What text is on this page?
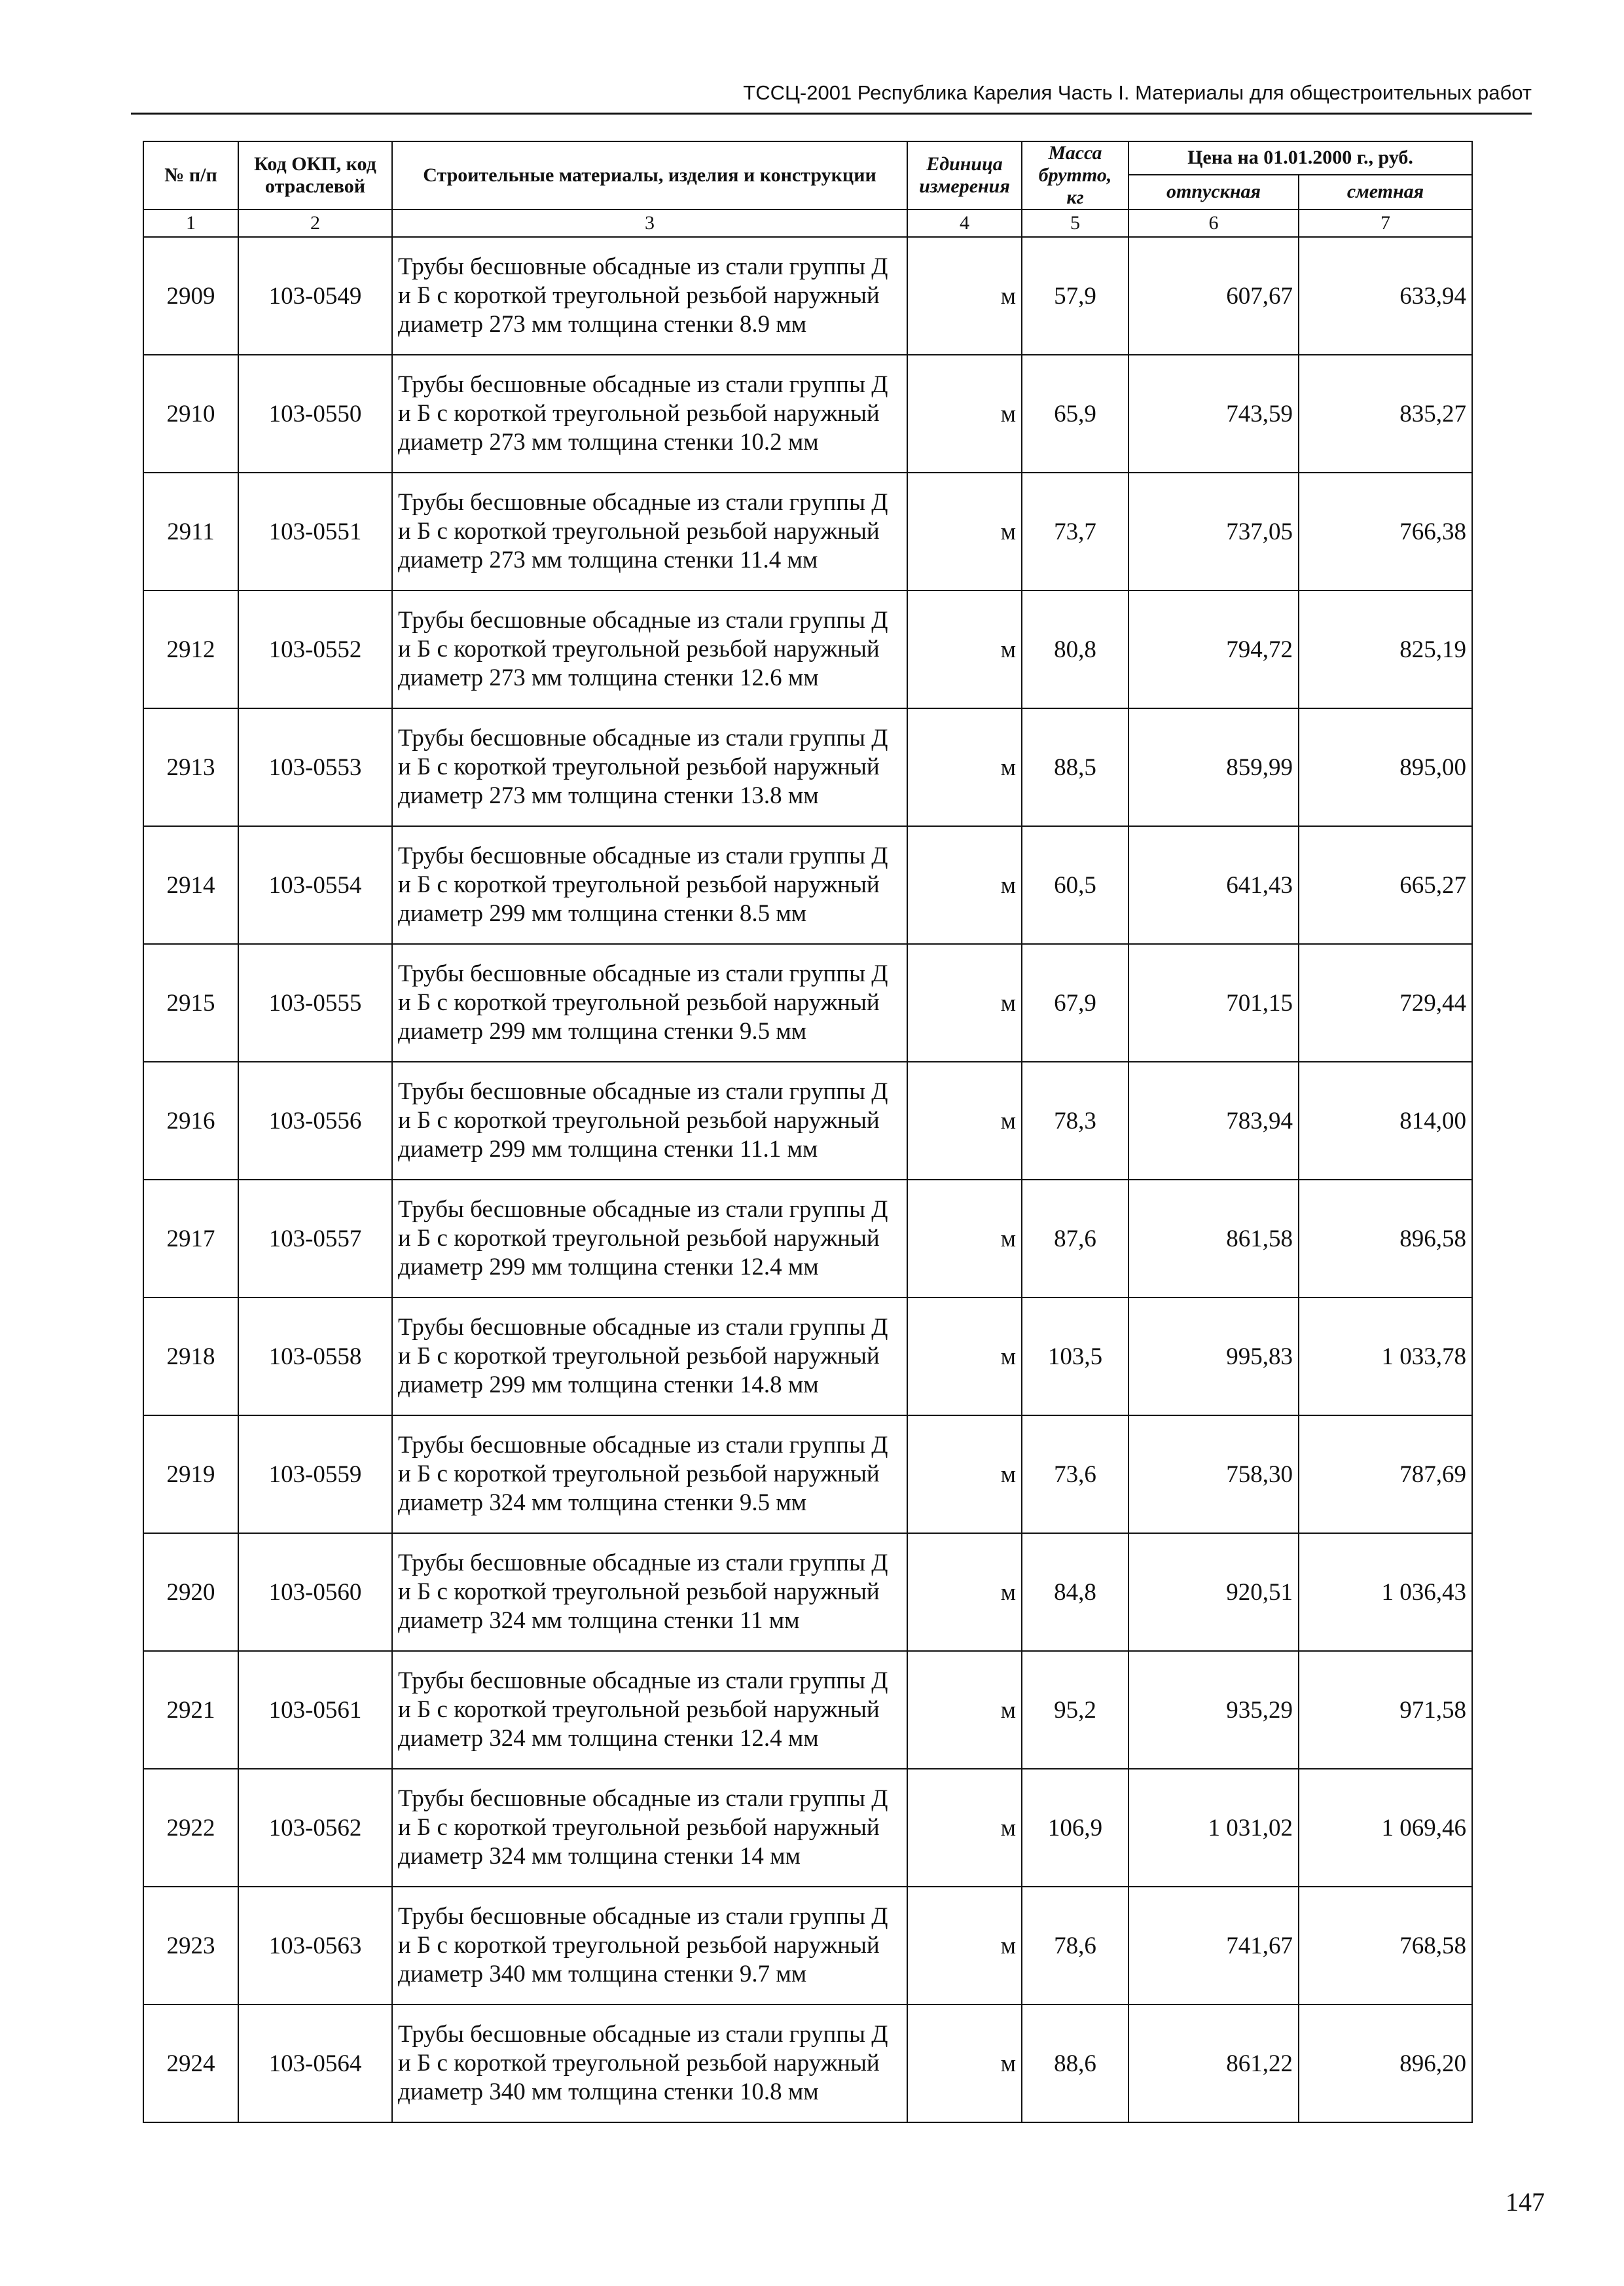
ТССЦ-2001 Республика Карелия Часть I. Материалы для общестроительных работ
№ п/п	Код ОКП, код отраслевой	Строительные материалы, изделия и конструкции	Единица измерения	Масса брутто, кг	Цена на 01.01.2000 г., руб.	
					отпускная	сметная
1	2	3	4	5	6	7
2909	103-0549	Трубы бесшовные обсадные из стали группы Д и Б с короткой треугольной резьбой наружный диаметр 273 мм толщина стенки 8.9 мм	м	57,9	607,67	633,94
2910	103-0550	Трубы бесшовные обсадные из стали группы Д и Б с короткой треугольной резьбой наружный диаметр 273 мм толщина стенки 10.2 мм	м	65,9	743,59	835,27
2911	103-0551	Трубы бесшовные обсадные из стали группы Д и Б с короткой треугольной резьбой наружный диаметр 273 мм толщина стенки 11.4 мм	м	73,7	737,05	766,38
2912	103-0552	Трубы бесшовные обсадные из стали группы Д и Б с короткой треугольной резьбой наружный диаметр 273 мм толщина стенки 12.6 мм	м	80,8	794,72	825,19
2913	103-0553	Трубы бесшовные обсадные из стали группы Д и Б с короткой треугольной резьбой наружный диаметр 273 мм толщина стенки 13.8 мм	м	88,5	859,99	895,00
2914	103-0554	Трубы бесшовные обсадные из стали группы Д и Б с короткой треугольной резьбой наружный диаметр 299 мм толщина стенки 8.5 мм	м	60,5	641,43	665,27
2915	103-0555	Трубы бесшовные обсадные из стали группы Д и Б с короткой треугольной резьбой наружный диаметр 299 мм толщина стенки 9.5 мм	м	67,9	701,15	729,44
2916	103-0556	Трубы бесшовные обсадные из стали группы Д и Б с короткой треугольной резьбой наружный диаметр 299 мм толщина стенки 11.1 мм	м	78,3	783,94	814,00
2917	103-0557	Трубы бесшовные обсадные из стали группы Д и Б с короткой треугольной резьбой наружный диаметр 299 мм толщина стенки 12.4 мм	м	87,6	861,58	896,58
2918	103-0558	Трубы бесшовные обсадные из стали группы Д и Б с короткой треугольной резьбой наружный диаметр 299 мм толщина стенки 14.8 мм	м	103,5	995,83	1 033,78
2919	103-0559	Трубы бесшовные обсадные из стали группы Д и Б с короткой треугольной резьбой наружный диаметр 324 мм толщина стенки 9.5 мм	м	73,6	758,30	787,69
2920	103-0560	Трубы бесшовные обсадные из стали группы Д и Б с короткой треугольной резьбой наружный диаметр 324 мм толщина стенки 11 мм	м	84,8	920,51	1 036,43
2921	103-0561	Трубы бесшовные обсадные из стали группы Д и Б с короткой треугольной резьбой наружный диаметр 324 мм толщина стенки 12.4 мм	м	95,2	935,29	971,58
2922	103-0562	Трубы бесшовные обсадные из стали группы Д и Б с короткой треугольной резьбой наружный диаметр 324 мм толщина стенки 14 мм	м	106,9	1 031,02	1 069,46
2923	103-0563	Трубы бесшовные обсадные из стали группы Д и Б с короткой треугольной резьбой наружный диаметр 340 мм толщина стенки 9.7 мм	м	78,6	741,67	768,58
2924	103-0564	Трубы бесшовные обсадные из стали группы Д и Б с короткой треугольной резьбой наружный диаметр 340 мм толщина стенки 10.8 мм	м	88,6	861,22	896,20
147
